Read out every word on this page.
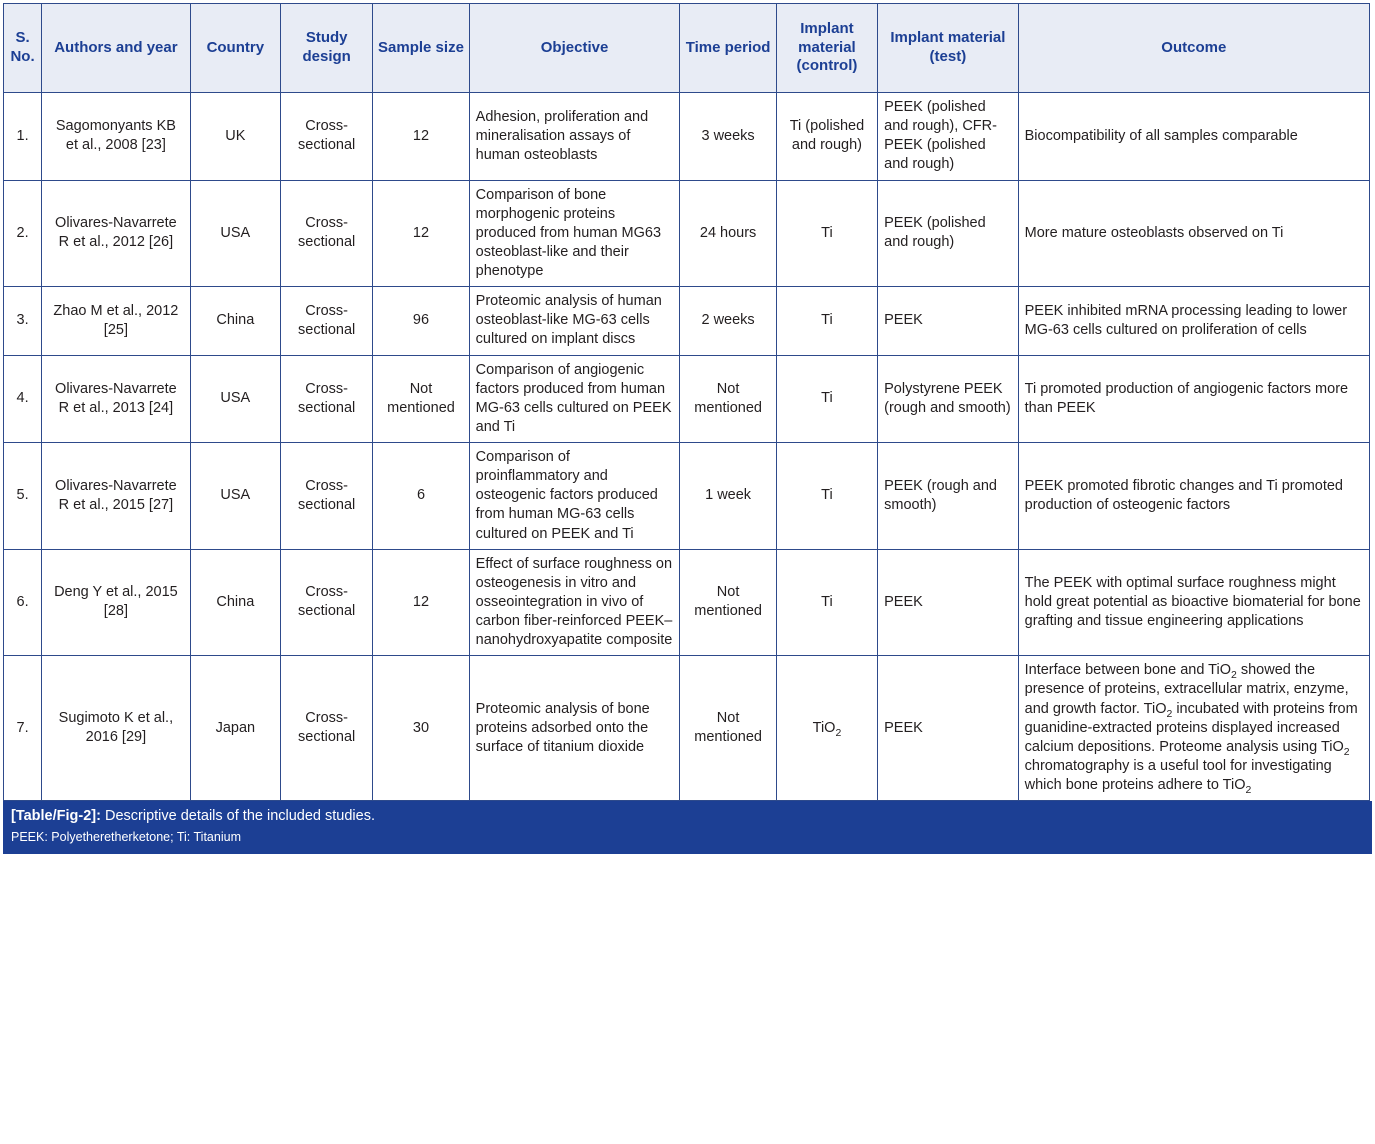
S. No.	Authors and year	Country	Study design	Sample size	Objective	Time period	Implant material (control)	Implant material (test)	Outcome
1.	Sagomonyants KB et al., 2008 [23]	UK	Cross-sectional	12	Adhesion, proliferation and mineralisation assays of human osteoblasts	3 weeks	Ti (polished and rough)	PEEK (polished and rough), CFR-PEEK (polished and rough)	Biocompatibility of all samples comparable
2.	Olivares-Navarrete R et al., 2012 [26]	USA	Cross-sectional	12	Comparison of bone morphogenic proteins produced from human MG63 osteoblast-like and their phenotype	24 hours	Ti	PEEK (polished and rough)	More mature osteoblasts observed on Ti
3.	Zhao M et al., 2012 [25]	China	Cross-sectional	96	Proteomic analysis of human osteoblast-like MG-63 cells cultured on implant discs	2 weeks	Ti	PEEK	PEEK inhibited mRNA processing leading to lower MG-63 cells cultured on proliferation of cells
4.	Olivares-Navarrete R et al., 2013 [24]	USA	Cross-sectional	Not mentioned	Comparison of angiogenic factors produced from human MG-63 cells cultured on PEEK and Ti	Not mentioned	Ti	Polystyrene PEEK (rough and smooth)	Ti promoted production of angiogenic factors more than PEEK
5.	Olivares-Navarrete R et al., 2015 [27]	USA	Cross-sectional	6	Comparison of proinflammatory and osteogenic factors produced from human MG-63 cells cultured on PEEK and Ti	1 week	Ti	PEEK (rough and smooth)	PEEK promoted fibrotic changes and Ti promoted production of osteogenic factors
6.	Deng Y et al., 2015 [28]	China	Cross-sectional	12	Effect of surface roughness on osteogenesis in vitro and osseointegration in vivo of carbon fiber-reinforced PEEK–nanohydroxyapatite composite	Not mentioned	Ti	PEEK	The PEEK with optimal surface roughness might hold great potential as bioactive biomaterial for bone grafting and tissue engineering applications
7.	Sugimoto K et al., 2016 [29]	Japan	Cross-sectional	30	Proteomic analysis of bone proteins adsorbed onto the surface of titanium dioxide	Not mentioned	TiO$_2$	PEEK	Interface between bone and TiO$_2$ showed the presence of proteins, extracellular matrix, enzyme, and growth factor. TiO$_2$ incubated with proteins from guanidine-extracted proteins displayed increased calcium depositions. Proteome analysis using TiO$_2$ chromatography is a useful tool for investigating which bone proteins adhere to TiO$_2$
[Table/Fig-2]: Descriptive details of the included studies.
PEEK: Polyetheretherketone; Ti: Titanium
